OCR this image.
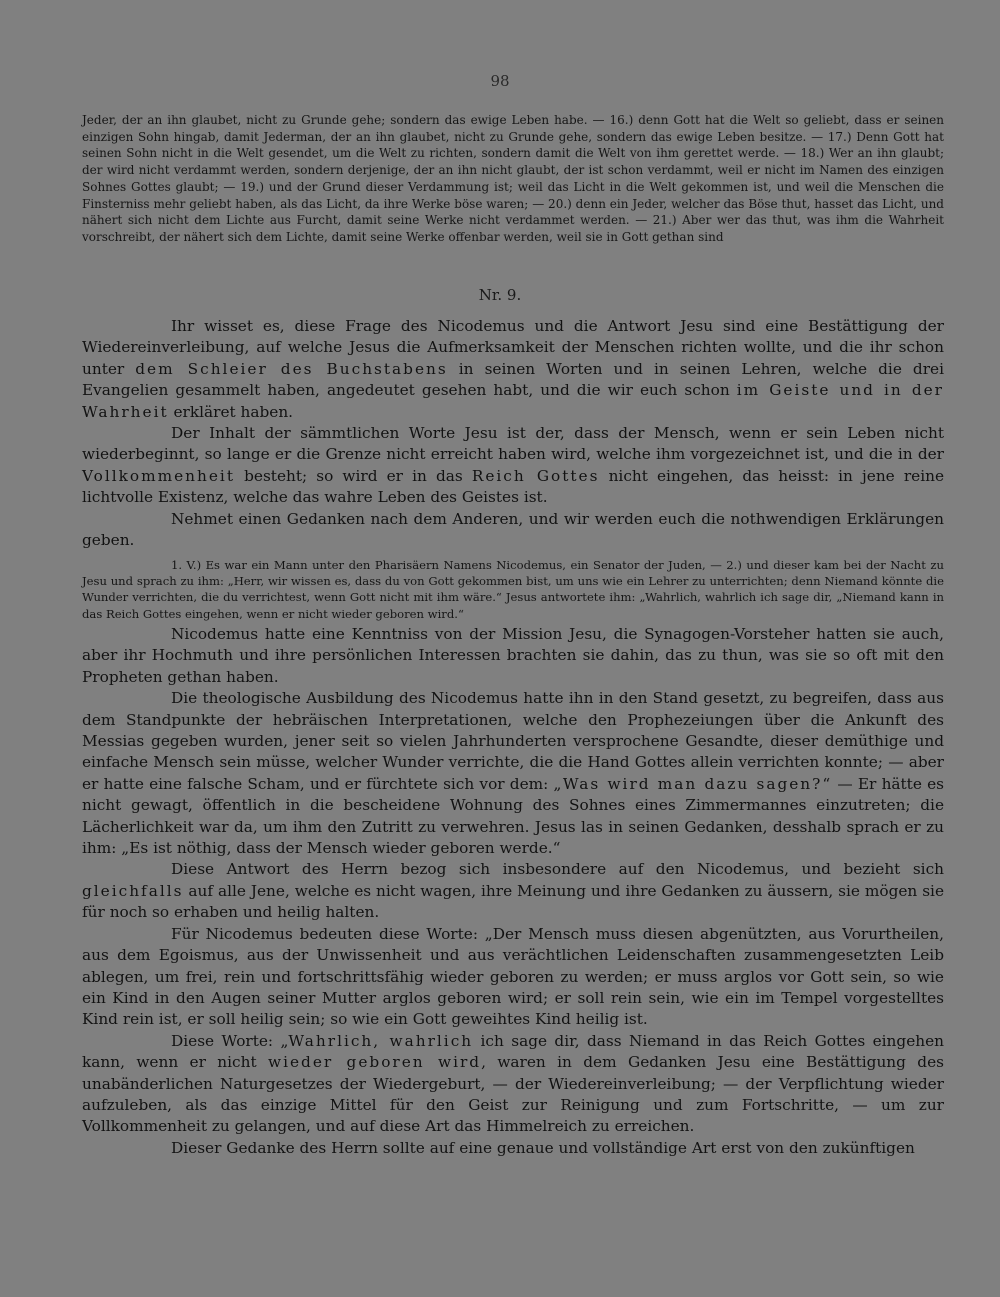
98

Jeder, der an ihn glaubet, nicht zu Grunde gehe; sondern das ewige Leben habe. — 16.) denn Gott hat die Welt so geliebt, dass er seinen einzigen Sohn hingab, damit Jederman, der an ihn glaubet, nicht zu Grunde gehe, sondern das ewige Leben besitze. — 17.) Denn Gott hat seinen Sohn nicht in die Welt gesendet, um die Welt zu richten, sondern damit die Welt von ihm gerettet werde. — 18.) Wer an ihn glaubt; der wird nicht verdammt werden, sondern derjenige, der an ihn nicht glaubt, der ist schon verdammt, weil er nicht im Namen des einzigen Sohnes Gottes glaubt; — 19.) und der Grund dieser Verdammung ist; weil das Licht in die Welt gekommen ist, und weil die Menschen die Finsterniss mehr geliebt haben, als das Licht, da ihre Werke böse waren; — 20.) denn ein Jeder, welcher das Böse thut, hasset das Licht, und nähert sich nicht dem Lichte aus Furcht, damit seine Werke nicht verdammet werden. — 21.) Aber wer das thut, was ihm die Wahrheit vorschreibt, der nähert sich dem Lichte, damit seine Werke offenbar werden, weil sie in Gott gethan sind

Nr. 9.

Ihr wisset es, diese Frage des Nicodemus und die Antwort Jesu sind eine Bestättigung der Wiedereinverleibung, auf welche Jesus die Aufmerksamkeit der Menschen richten wollte, und die ihr schon unter dem Schleier des Buchstabens in seinen Worten und in seinen Lehren, welche die drei Evangelien gesammelt haben, angedeutet gesehen habt, und die wir euch schon im Geiste und in der Wahrheit erkläret haben.

Der Inhalt der sämmtlichen Worte Jesu ist der, dass der Mensch, wenn er sein Leben nicht wiederbeginnt, so lange er die Grenze nicht erreicht haben wird, welche ihm vorgezeichnet ist, und die in der Vollkommenheit besteht; so wird er in das Reich Gottes nicht eingehen, das heisst: in jene reine lichtvolle Existenz, welche das wahre Leben des Geistes ist.

Nehmet einen Gedanken nach dem Anderen, und wir werden euch die nothwendigen Erklärungen geben.

1. V.) Es war ein Mann unter den Pharisäern Namens Nicodemus, ein Senator der Juden, — 2.) und dieser kam bei der Nacht zu Jesu und sprach zu ihm: „Herr, wir wissen es, dass du von Gott gekommen bist, um uns wie ein Lehrer zu unterrichten; denn Niemand könnte die Wunder verrichten, die du verrichtest, wenn Gott nicht mit ihm wäre.“ Jesus antwortete ihm: „Wahrlich, wahrlich ich sage dir, „Niemand kann in das Reich Gottes eingehen, wenn er nicht wieder geboren wird.“

Nicodemus hatte eine Kenntniss von der Mission Jesu, die Synagogen-Vorsteher hatten sie auch, aber ihr Hochmuth und ihre persönlichen Interessen brachten sie dahin, das zu thun, was sie so oft mit den Propheten gethan haben.

Die theologische Ausbildung des Nicodemus hatte ihn in den Stand gesetzt, zu begreifen, dass aus dem Standpunkte der hebräischen Interpretationen, welche den Prophezeiungen über die Ankunft des Messias gegeben wurden, jener seit so vielen Jahrhunderten versprochene Gesandte, dieser demüthige und einfache Mensch sein müsse, welcher Wunder verrichte, die die Hand Gottes allein verrichten konnte; — aber er hatte eine falsche Scham, und er fürchtete sich vor dem: „Was wird man dazu sagen?“ — Er hätte es nicht gewagt, öffentlich in die bescheidene Wohnung des Sohnes eines Zimmermannes einzutreten; die Lächerlichkeit war da, um ihm den Zutritt zu verwehren. Jesus las in seinen Gedanken, desshalb sprach er zu ihm: „Es ist nöthig, dass der Mensch wieder geboren werde.“

Diese Antwort des Herrn bezog sich insbesondere auf den Nicodemus, und bezieht sich gleichfalls auf alle Jene, welche es nicht wagen, ihre Meinung und ihre Gedanken zu äussern, sie mögen sie für noch so erhaben und heilig halten.

Für Nicodemus bedeuten diese Worte: „Der Mensch muss diesen abgenützten, aus Vorurtheilen, aus dem Egoismus, aus der Unwissenheit und aus verächtlichen Leidenschaften zusammengesetzten Leib ablegen, um frei, rein und fortschrittsfähig wieder geboren zu werden; er muss arglos vor Gott sein, so wie ein Kind in den Augen seiner Mutter arglos geboren wird; er soll rein sein, wie ein im Tempel vorgestelltes Kind rein ist, er soll heilig sein; so wie ein Gott geweihtes Kind heilig ist.

Diese Worte: „Wahrlich, wahrlich ich sage dir, dass Niemand in das Reich Gottes eingehen kann, wenn er nicht wieder geboren wird, waren in dem Gedanken Jesu eine Bestättigung des unabänderlichen Naturgesetzes der Wiedergeburt, — der Wiedereinverleibung; — der Verpflichtung wieder aufzuleben, als das einzige Mittel für den Geist zur Reinigung und zum Fortschritte, — um zur Vollkommenheit zu gelangen, und auf diese Art das Himmelreich zu erreichen.

Dieser Gedanke des Herrn sollte auf eine genaue und vollständige Art erst von den zukünftigen
